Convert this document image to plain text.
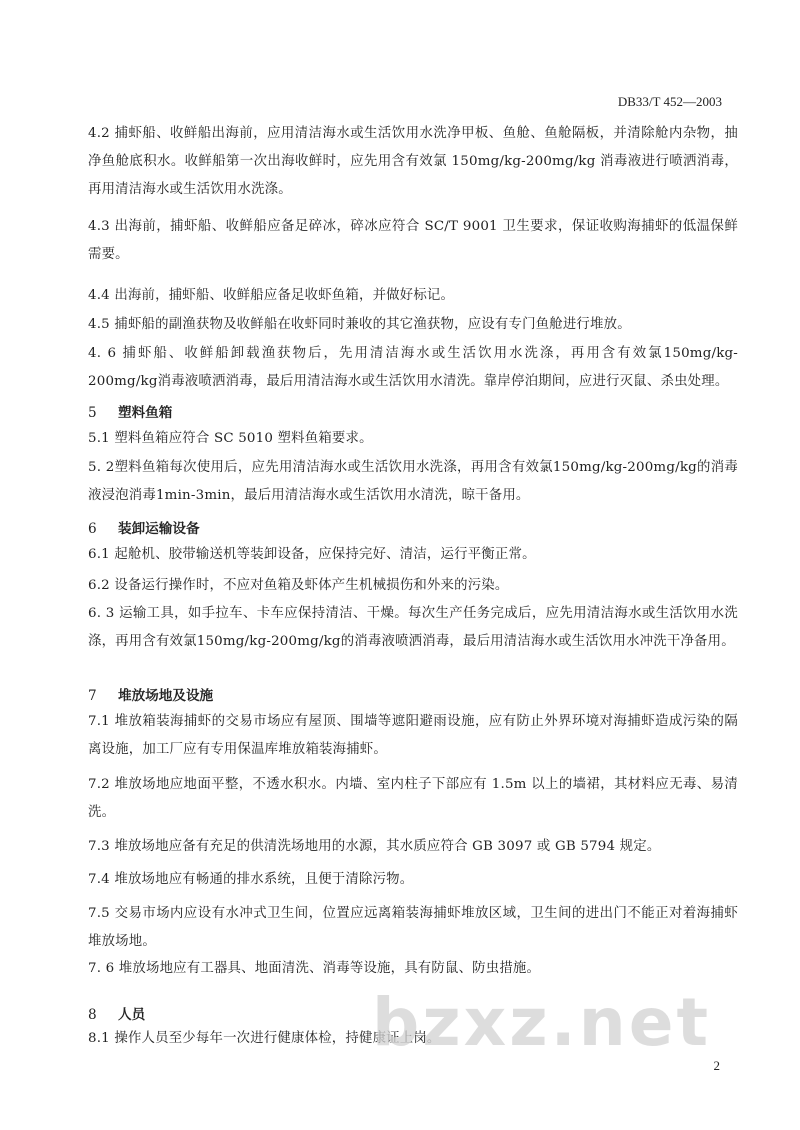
DB33/T 452—2003

4.2 捕虾船、收鲜船出海前，应用清洁海水或生活饮用水洗净甲板、鱼舱、鱼舱隔板，并清除舱内杂物，抽净鱼舱底积水。收鲜船第一次出海收鲜时，应先用含有效氯 150mg/kg-200mg/kg 消毒液进行喷洒消毒，再用清洁海水或生活饮用水洗涤。

4.3 出海前，捕虾船、收鲜船应备足碎冰，碎冰应符合 SC/T 9001 卫生要求，保证收购海捕虾的低温保鲜需要。

4.4 出海前，捕虾船、收鲜船应备足收虾鱼箱，并做好标记。

4.5 捕虾船的副渔获物及收鲜船在收虾同时兼收的其它渔获物，应设有专门鱼舱进行堆放。

4. 6 捕虾船、收鲜船卸载渔获物后，先用清洁海水或生活饮用水洗涤，再用含有效氯150mg/kg-200mg/kg消毒液喷洒消毒，最后用清洁海水或生活饮用水清洗。靠岸停泊期间，应进行灭鼠、杀虫处理。

5 塑料鱼箱

5.1 塑料鱼箱应符合 SC 5010 塑料鱼箱要求。

5. 2塑料鱼箱每次使用后，应先用清洁海水或生活饮用水洗涤，再用含有效氯150mg/kg-200mg/kg的消毒液浸泡消毒1min-3min，最后用清洁海水或生活饮用水清洗，晾干备用。

6 装卸运输设备

6.1 起舱机、胶带输送机等装卸设备，应保持完好、清洁，运行平衡正常。

6.2 设备运行操作时，不应对鱼箱及虾体产生机械损伤和外来的污染。

6. 3 运输工具，如手拉车、卡车应保持清洁、干燥。每次生产任务完成后，应先用清洁海水或生活饮用水洗涤，再用含有效氯150mg/kg-200mg/kg的消毒液喷洒消毒，最后用清洁海水或生活饮用水冲洗干净备用。

7 堆放场地及设施

7.1 堆放箱装海捕虾的交易市场应有屋顶、围墙等遮阳避雨设施，应有防止外界环境对海捕虾造成污染的隔离设施，加工厂应有专用保温库堆放箱装海捕虾。

7.2 堆放场地应地面平整，不透水积水。内墙、室内柱子下部应有 1.5m 以上的墙裙，其材料应无毒、易清洗。

7.3 堆放场地应备有充足的供清洗场地用的水源，其水质应符合 GB 3097 或 GB 5794 规定。

7.4 堆放场地应有畅通的排水系统，且便于清除污物。

7.5 交易市场内应设有水冲式卫生间，位置应远离箱装海捕虾堆放区域，卫生间的进出门不能正对着海捕虾堆放场地。

7. 6 堆放场地应有工器具、地面清洗、消毒等设施，具有防鼠、防虫措施。

8 人员

8.1 操作人员至少每年一次进行健康体检，持健康证上岗。

bzxz.net
2
